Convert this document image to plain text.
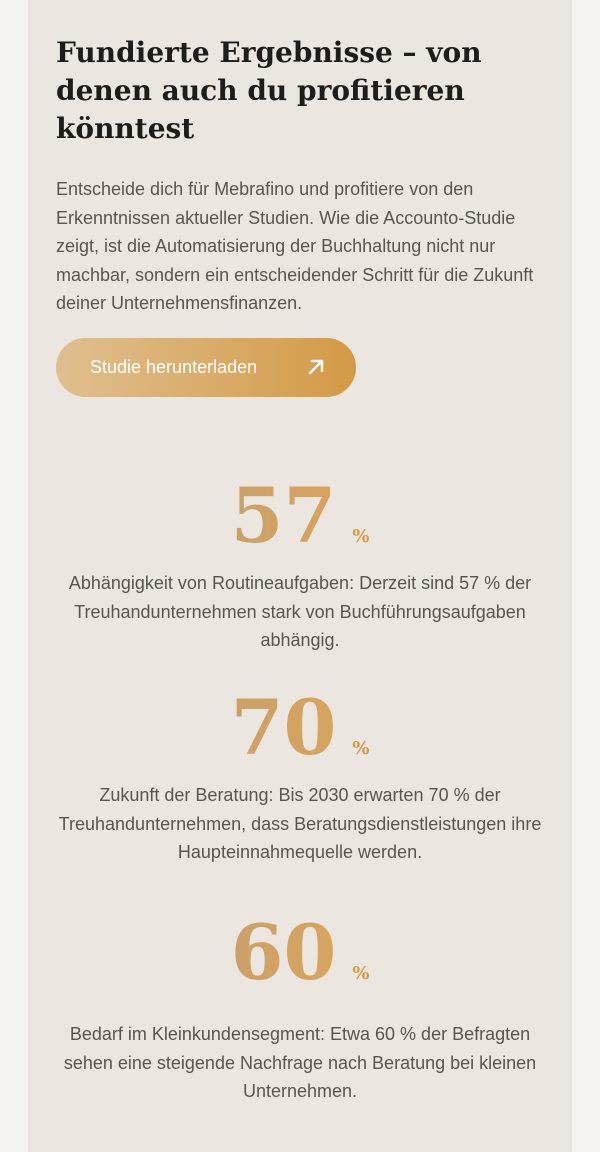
Fundierte Ergebnisse – von denen auch du profitieren könntest

Entscheide dich für Mebrafino und profitiere von den Erkenntnissen aktueller Studien. Wie die Accounto-Studie zeigt, ist die Automatisierung der Buchhaltung nicht nur machbar, sondern ein entscheidender Schritt für die Zukunft deiner Unternehmensfinanzen.

Studie herunterladen
57 %

Abhängigkeit von Routineaufgaben: Derzeit sind 57 % der Treuhandunternehmen stark von Buchführungsaufgaben abhängig.

70 %

Zukunft der Beratung: Bis 2030 erwarten 70 % der Treuhandunternehmen, dass Beratungsdienstleistungen ihre Haupteinnahmequelle werden.

60 %

Bedarf im Kleinkundensegment: Etwa 60 % der Befragten sehen eine steigende Nachfrage nach Beratung bei kleinen Unternehmen.
